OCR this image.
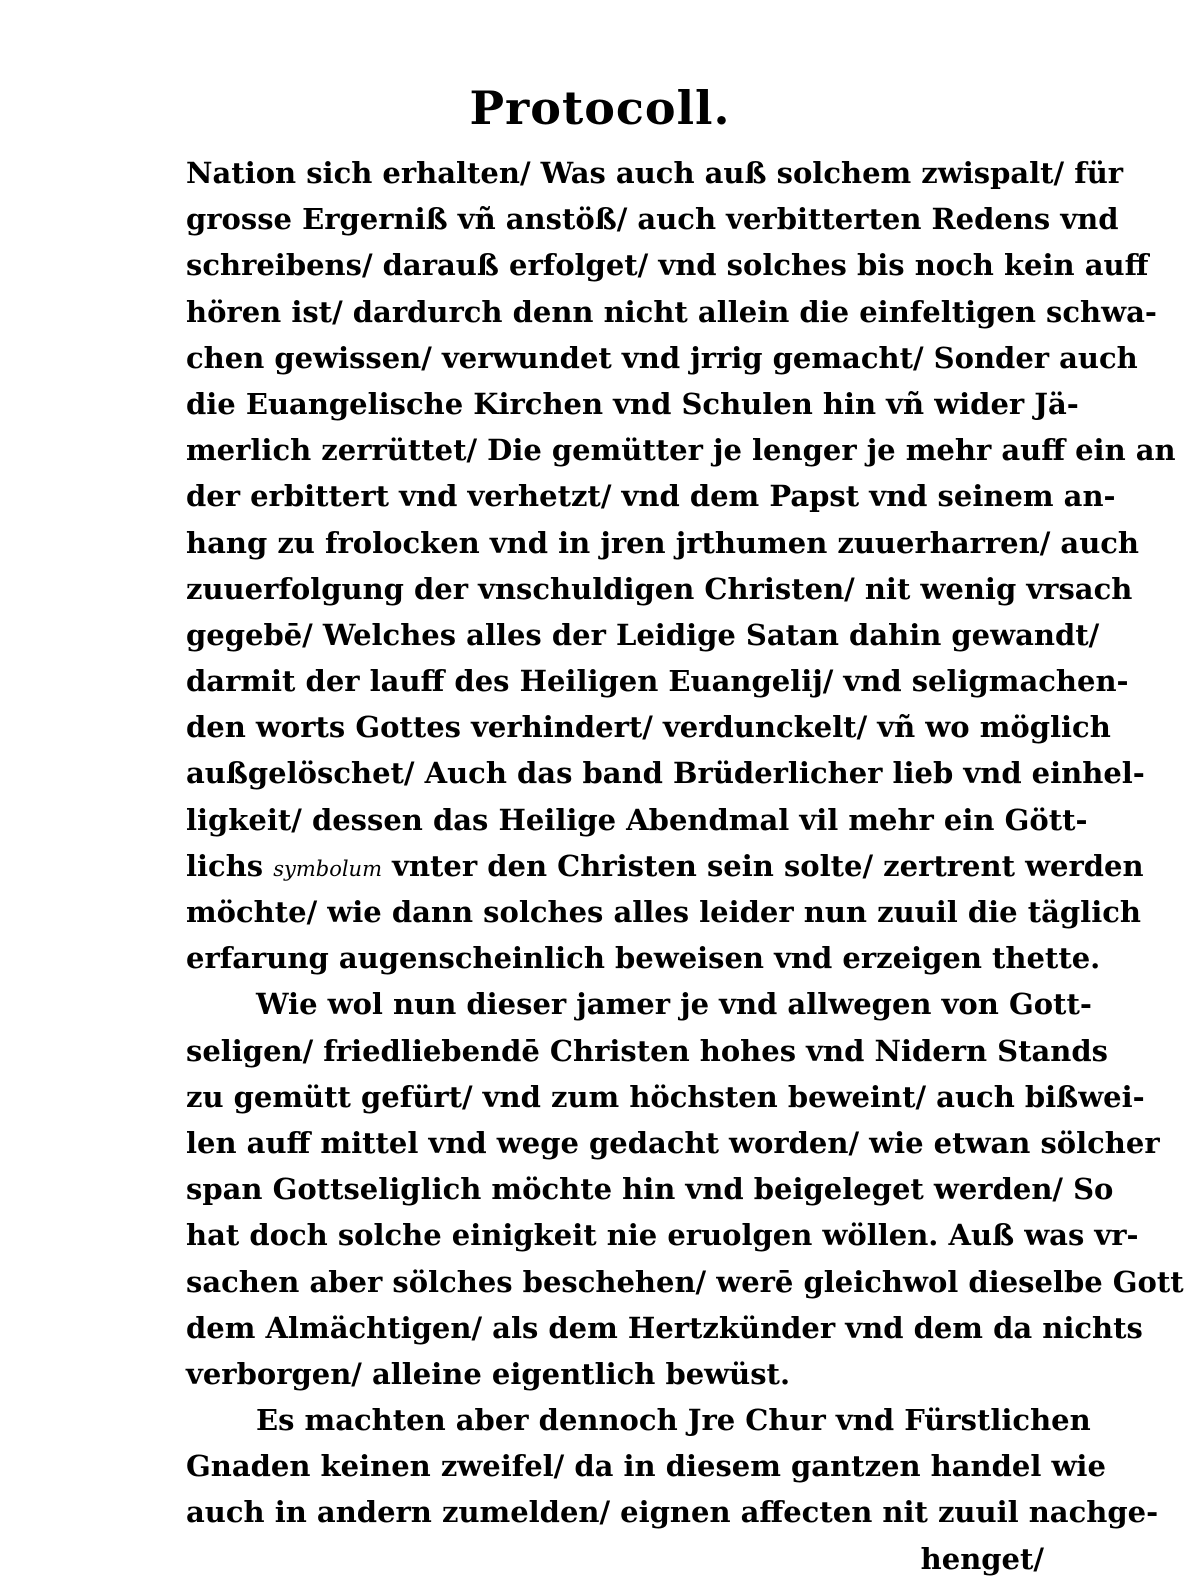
Protocoll.
Nation sich erhalten/ Was auch auß solchem zwispalt/ für
grosse Ergerniß vñ anstöß/ auch verbitterten Redens vnd
schreibens/ darauß erfolget/ vnd solches bis noch kein auff
hören ist/ dardurch denn nicht allein die einfeltigen schwa-
chen gewissen/ verwundet vnd jrrig gemacht/ Sonder auch
die Euangelische Kirchen vnd Schulen hin vñ wider Jä-
merlich zerrüttet/ Die gemütter je lenger je mehr auff ein an
der erbittert vnd verhetzt/ vnd dem Papst vnd seinem an-
hang zu frolocken vnd in jren jrthumen zuuerharren/ auch
zuuerfolgung der vnschuldigen Christen/ nit wenig vrsach
gegebē/ Welches alles der Leidige Satan dahin gewandt/
darmit der lauff des Heiligen Euangelij/ vnd seligmachen-
den worts Gottes verhindert/ verdunckelt/ vñ wo möglich
außgelöschet/ Auch das band Brüderlicher lieb vnd einhel-
ligkeit/ dessen das Heilige Abendmal vil mehr ein Gött-
lichs symbolum vnter den Christen sein solte/ zertrent werden
möchte/ wie dann solches alles leider nun zuuil die täglich
erfarung augenscheinlich beweisen vnd erzeigen thette.
Wie wol nun dieser jamer je vnd allwegen von Gott-
seligen/ friedliebendē Christen hohes vnd Nidern Stands
zu gemütt gefürt/ vnd zum höchsten beweint/ auch bißwei-
len auff mittel vnd wege gedacht worden/ wie etwan sölcher
span Gottseliglich möchte hin vnd beigeleget werden/ So
hat doch solche einigkeit nie eruolgen wöllen. Auß was vr-
sachen aber sölches beschehen/ werē gleichwol dieselbe Gott
dem Almächtigen/ als dem Hertzkünder vnd dem da nichts
verborgen/ alleine eigentlich bewüst.
Es machten aber dennoch Jre Chur vnd Fürstlichen
Gnaden keinen zweifel/ da in diesem gantzen handel wie
auch in andern zumelden/ eignen affecten nit zuuil nachge-
henget/
